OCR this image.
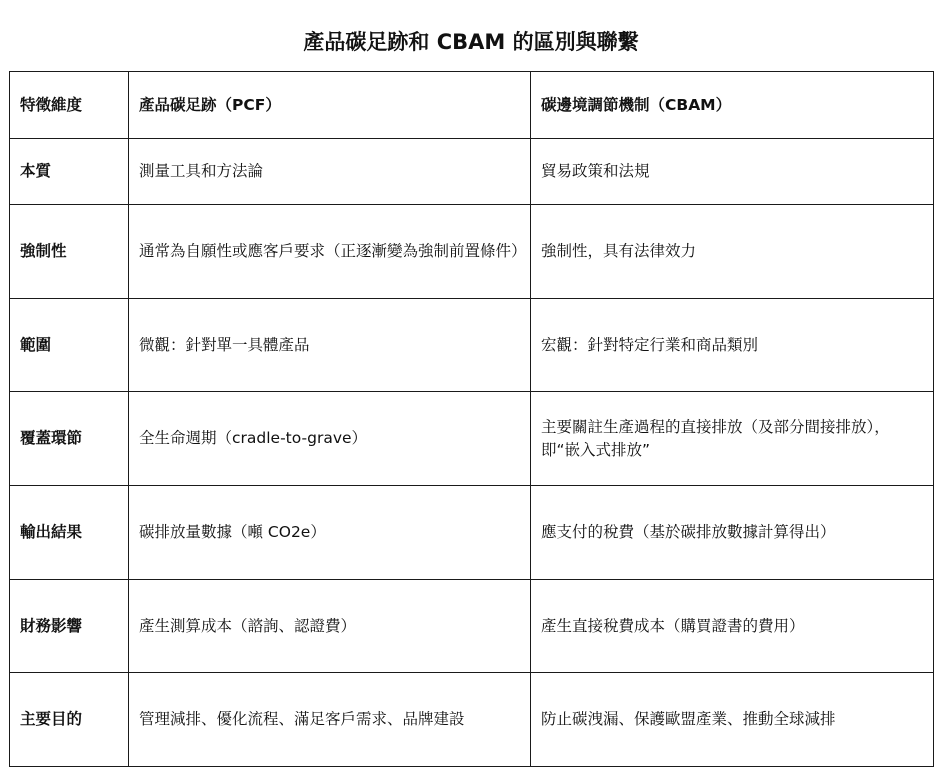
產品碳足跡和 CBAM 的區別與聯繫
特徵維度	產品碳足跡（PCF）	碳邊境調節機制（CBAM）
本質	測量工具和方法論	貿易政策和法規
強制性	通常為自願性或應客戶要求（正逐漸變為強制前置條件）	強制性，具有法律效力
範圍	微觀：針對單一具體產品	宏觀：針對特定行業和商品類別
覆蓋環節	全生命週期（cradle-to-grave）	主要關註生產過程的直接排放（及部分間接排放），即“嵌入式排放”
輸出結果	碳排放量數據（噸 CO2e）	應支付的稅費（基於碳排放數據計算得出）
財務影響	產生測算成本（諮詢、認證費）	產生直接稅費成本（購買證書的費用）
主要目的	管理減排、優化流程、滿足客戶需求、品牌建設	防止碳洩漏、保護歐盟產業、推動全球減排
